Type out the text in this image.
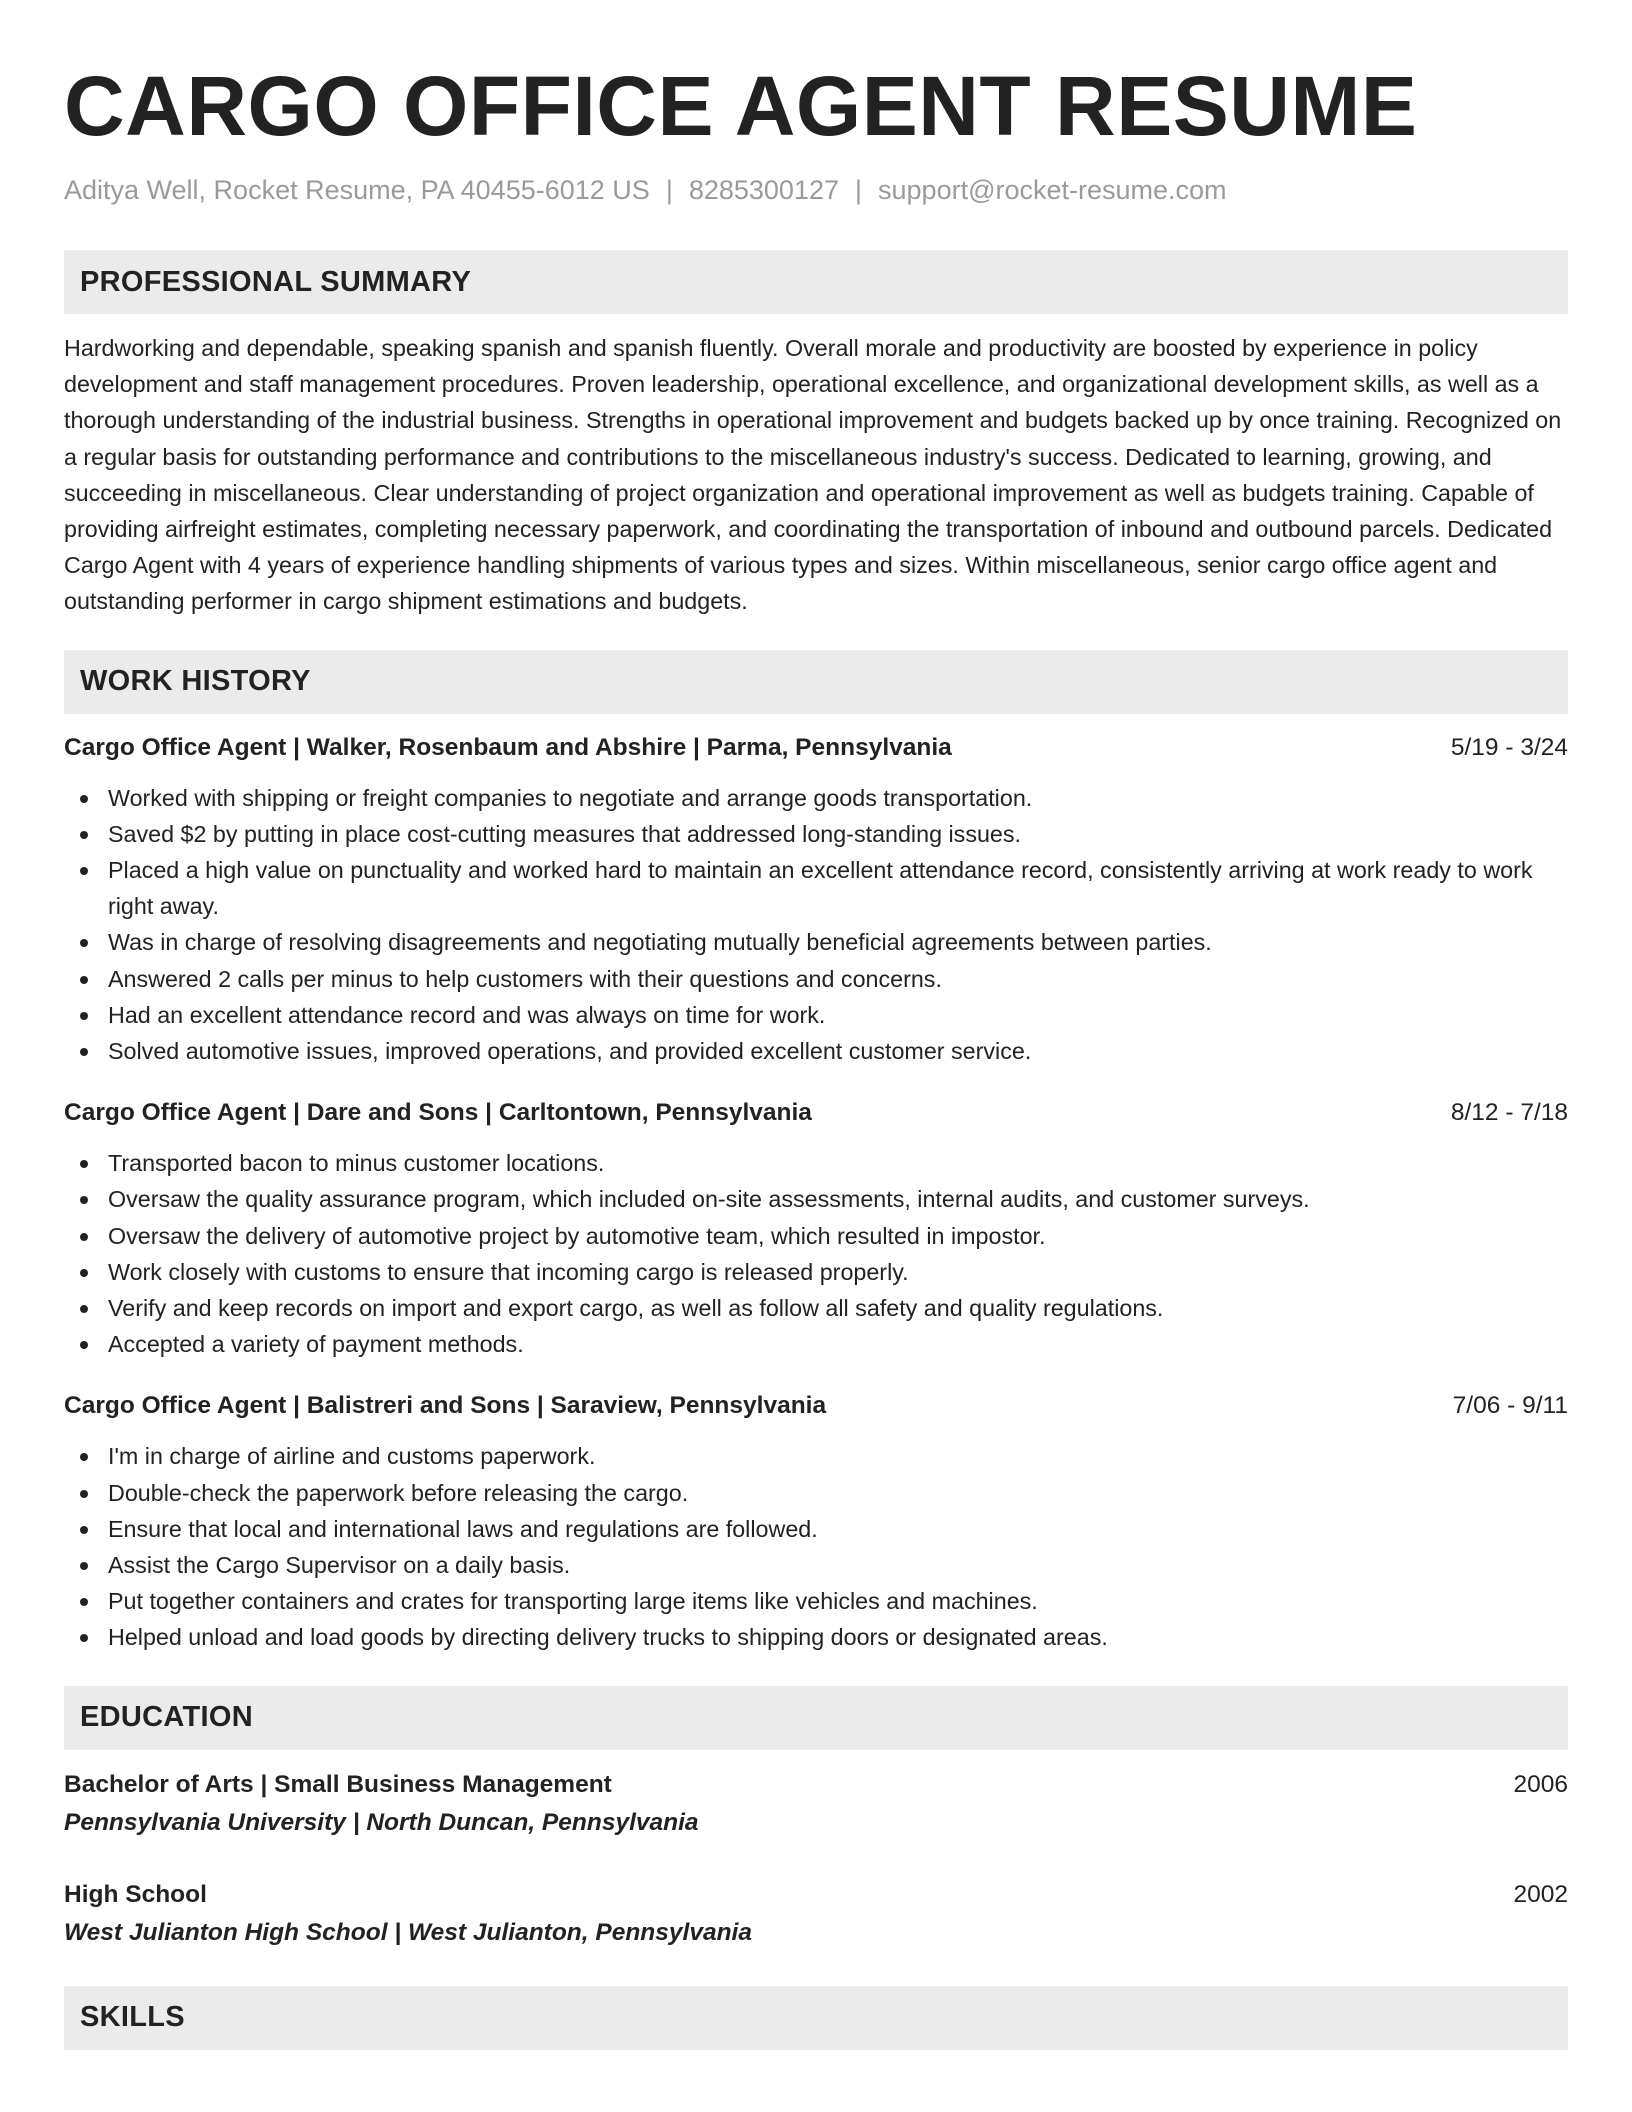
CARGO OFFICE AGENT RESUME
Aditya Well, Rocket Resume, PA 40455-6012 US | 8285300127 | support@rocket-resume.com
PROFESSIONAL SUMMARY

Hardworking and dependable, speaking spanish and spanish fluently. Overall morale and productivity are boosted by experience in policy development and staff management procedures. Proven leadership, operational excellence, and organizational development skills, as well as a thorough understanding of the industrial business. Strengths in operational improvement and budgets backed up by once training. Recognized on a regular basis for outstanding performance and contributions to the miscellaneous industry's success. Dedicated to learning, growing, and succeeding in miscellaneous. Clear understanding of project organization and operational improvement as well as budgets training. Capable of providing airfreight estimates, completing necessary paperwork, and coordinating the transportation of inbound and outbound parcels. Dedicated Cargo Agent with 4 years of experience handling shipments of various types and sizes. Within miscellaneous, senior cargo office agent and outstanding performer in cargo shipment estimations and budgets.

WORK HISTORY
Cargo Office Agent | Walker, Rosenbaum and Abshire | Parma, Pennsylvania	5/19 - 3/24
Worked with shipping or freight companies to negotiate and arrange goods transportation.
Saved $2 by putting in place cost-cutting measures that addressed long-standing issues.
Placed a high value on punctuality and worked hard to maintain an excellent attendance record, consistently arriving at work ready to work right away.
Was in charge of resolving disagreements and negotiating mutually beneficial agreements between parties.
Answered 2 calls per minus to help customers with their questions and concerns.
Had an excellent attendance record and was always on time for work.
Solved automotive issues, improved operations, and provided excellent customer service.
Cargo Office Agent | Dare and Sons | Carltontown, Pennsylvania	8/12 - 7/18
Transported bacon to minus customer locations.
Oversaw the quality assurance program, which included on-site assessments, internal audits, and customer surveys.
Oversaw the delivery of automotive project by automotive team, which resulted in impostor.
Work closely with customs to ensure that incoming cargo is released properly.
Verify and keep records on import and export cargo, as well as follow all safety and quality regulations.
Accepted a variety of payment methods.
Cargo Office Agent | Balistreri and Sons | Saraview, Pennsylvania	7/06 - 9/11
I'm in charge of airline and customs paperwork.
Double-check the paperwork before releasing the cargo.
Ensure that local and international laws and regulations are followed.
Assist the Cargo Supervisor on a daily basis.
Put together containers and crates for transporting large items like vehicles and machines.
Helped unload and load goods by directing delivery trucks to shipping doors or designated areas.
EDUCATION
Bachelor of Arts | Small Business Management	2006
Pennsylvania University | North Duncan, Pennsylvania
High School	2002
West Julianton High School | West Julianton, Pennsylvania
SKILLS
